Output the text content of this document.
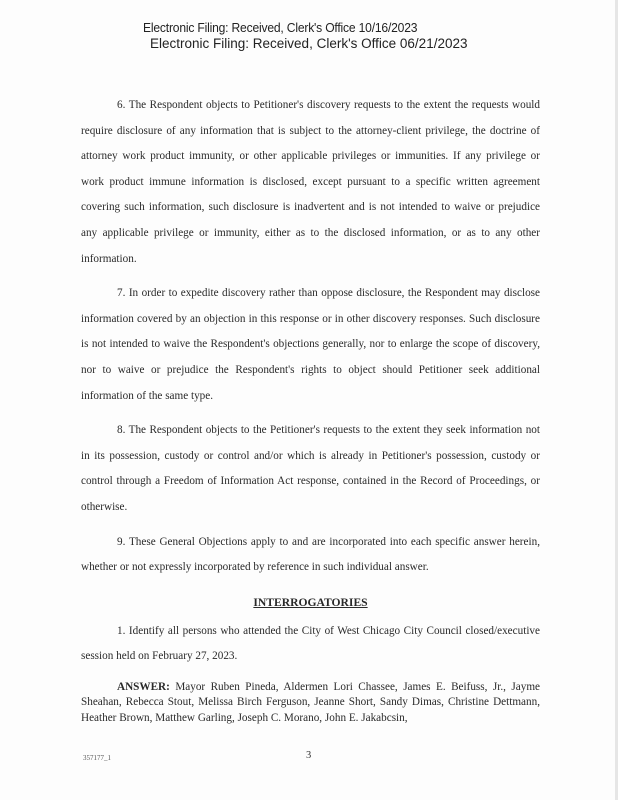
Electronic Filing: Received, Clerk's Office 10/16/2023
Electronic Filing: Received, Clerk's Office 06/21/2023

6. The Respondent objects to Petitioner's discovery requests to the extent the requests would require disclosure of any information that is subject to the attorney-client privilege, the doctrine of attorney work product immunity, or other applicable privileges or immunities. If any privilege or work product immune information is disclosed, except pursuant to a specific written agreement covering such information, such disclosure is inadvertent and is not intended to waive or prejudice any applicable privilege or immunity, either as to the disclosed information, or as to any other information.

7. In order to expedite discovery rather than oppose disclosure, the Respondent may disclose information covered by an objection in this response or in other discovery responses. Such disclosure is not intended to waive the Respondent's objections generally, nor to enlarge the scope of discovery, nor to waive or prejudice the Respondent's rights to object should Petitioner seek additional information of the same type.

8. The Respondent objects to the Petitioner's requests to the extent they seek information not in its possession, custody or control and/or which is already in Petitioner's possession, custody or control through a Freedom of Information Act response, contained in the Record of Proceedings, or otherwise.

9. These General Objections apply to and are incorporated into each specific answer herein, whether or not expressly incorporated by reference in such individual answer.

INTERROGATORIES

1. Identify all persons who attended the City of West Chicago City Council closed/executive session held on February 27, 2023.

ANSWER: Mayor Ruben Pineda, Aldermen Lori Chassee, James E. Beifuss, Jr., Jayme Sheahan, Rebecca Stout, Melissa Birch Ferguson, Jeanne Short, Sandy Dimas, Christine Dettmann, Heather Brown, Matthew Garling, Joseph C. Morano, John E. Jakabcsin,

357177_1	3
